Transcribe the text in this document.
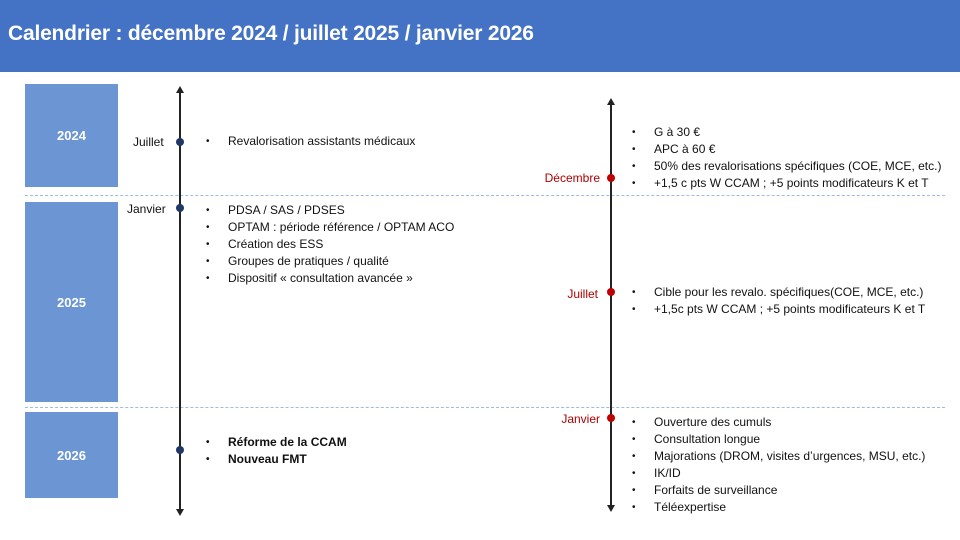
Calendrier : décembre 2024 / juillet 2025 / janvier 2026
2024
2025
2026
Juillet	• Revalorisation assistants médicaux
Janvier	• PDSA / SAS / PDSES
• OPTAM : période référence / OPTAM ACO
• Création des ESS
• Groupes de pratiques / qualité
• Dispositif « consultation avancée »
• Réforme de la CCAM
• Nouveau FMT
Décembre
• G à 30 €
• APC à 60 €
• 50% des revalorisations spécifiques (COE, MCE, etc.)
• +1,5 c pts W CCAM ; +5 points modificateurs K et T
Juillet	• Cible pour les revalo. spécifiques(COE, MCE, etc.)
• +1,5c pts W CCAM ; +5 points modificateurs K et T
Janvier	• Ouverture des cumuls
• Consultation longue
• Majorations (DROM, visites d’urgences, MSU, etc.)
• IK/ID
• Forfaits de surveillance
• Téléexpertise
